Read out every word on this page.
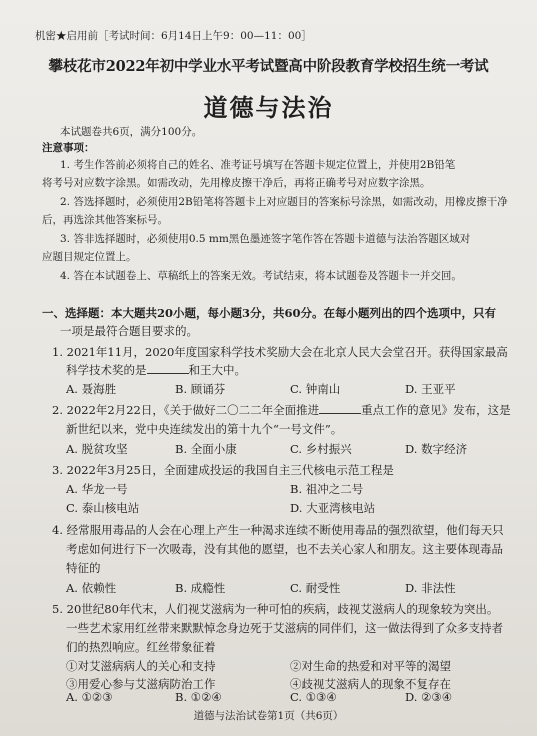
机密★启用前［考试时间：6月14日上午9：00—11：00］
攀枝花市2022年初中学业水平考试暨高中阶段教育学校招生统一考试
道德与法治
本试题卷共6页，满分100分。
注意事项：
1. 考生作答前必须将自己的姓名、准考证号填写在答题卡规定位置上，并使用2B铅笔
将考号对应数字涂黑。如需改动，先用橡皮擦干净后，再将正确考号对应数字涂黑。
2. 答选择题时，必须使用2B铅笔将答题卡上对应题目的答案标号涂黑，如需改动，用橡皮擦干净
后，再选涂其他答案标号。
3. 答非选择题时，必须使用0.5 mm黑色墨迹签字笔作答在答题卡道德与法治答题区域对
应题目规定位置上。
4. 答在本试题卷上、草稿纸上的答案无效。考试结束，将本试题卷及答题卡一并交回。
一、选择题：本大题共20小题，每小题3分，共60分。在每小题列出的四个选项中，只有
一项是最符合题目要求的。
1. 2021年11月，2020年度国家科学技术奖励大会在北京人民大会堂召开。获得国家最高
科学技术奖的是	和王大中。
A. 聂海胜	B. 顾诵芬	C. 钟南山	D. 王亚平
2. 2022年2月22日，《关于做好二〇二二年全面推进	重点工作的意见》发布，这是
新世纪以来，党中央连续发出的第十九个“一号文件”。
A. 脱贫攻坚	B. 全面小康	C. 乡村振兴	D. 数字经济
3. 2022年3月25日，全面建成投运的我国自主三代核电示范工程是
A. 华龙一号	B. 祖冲之二号
C. 泰山核电站	D. 大亚湾核电站
4. 经常服用毒品的人会在心理上产生一种渴求连续不断使用毒品的强烈欲望，他们每天只
考虑如何进行下一次吸毒，没有其他的愿望，也不去关心家人和朋友。这主要体现毒品
特征的
A. 依赖性	B. 成瘾性	C. 耐受性	D. 非法性
5. 20世纪80年代末，人们视艾滋病为一种可怕的疾病，歧视艾滋病人的现象较为突出。
一些艺术家用红丝带来默默悼念身边死于艾滋病的同伴们，这一做法得到了众多支持者
们的热烈响应。红丝带象征着
①对艾滋病病人的关心和支持	②对生命的热爱和对平等的渴望
③用爱心参与艾滋病防治工作	④歧视艾滋病人的现象不复存在
A. ①②③	B. ①②④	C. ①③④	D. ②③④
道德与法治试卷第1页（共6页）
